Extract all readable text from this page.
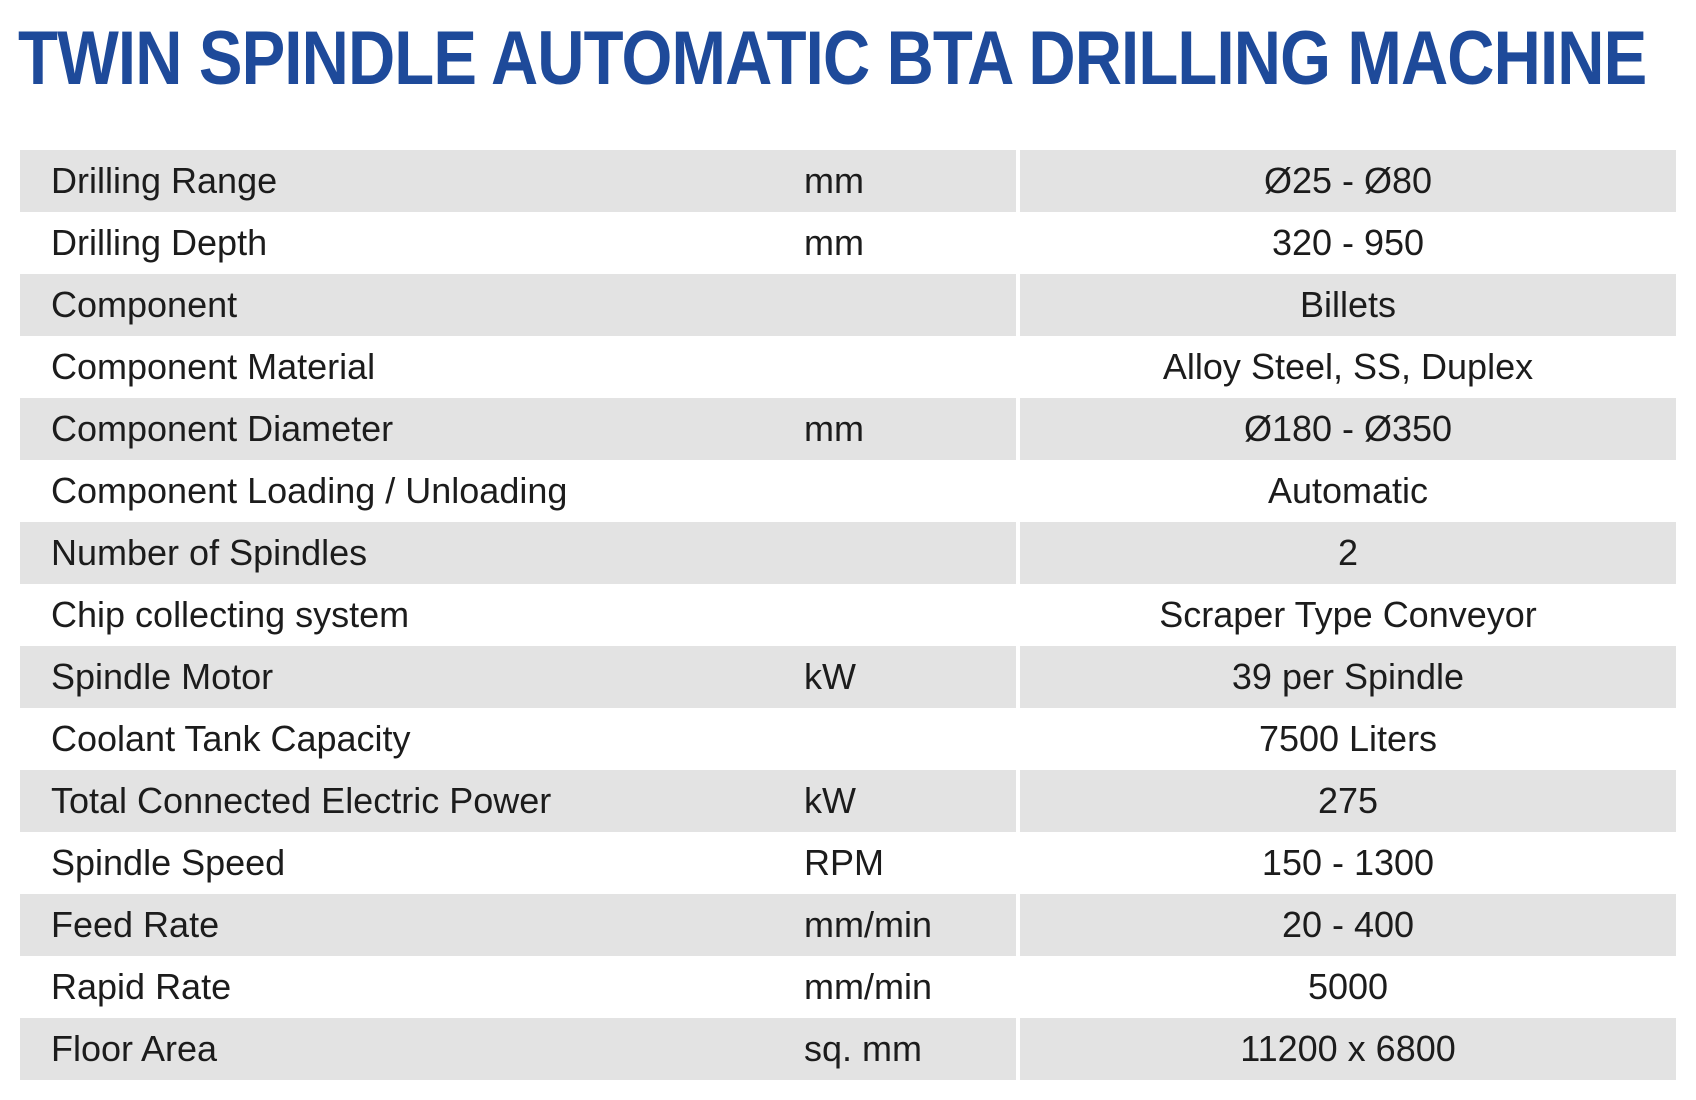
TWIN SPINDLE AUTOMATIC BTA DRILLING MACHINE
Drilling Range	mm	Ø25 - Ø80
Drilling Depth	mm	320 - 950
Component		Billets
Component Material		Alloy Steel, SS, Duplex
Component Diameter	mm	Ø180 - Ø350
Component Loading / Unloading		Automatic
Number of Spindles		2
Chip collecting system		Scraper Type Conveyor
Spindle Motor	kW	39 per Spindle
Coolant Tank Capacity		7500 Liters
Total Connected Electric Power	kW	275
Spindle Speed	RPM	150 - 1300
Feed Rate	mm/min	20 - 400
Rapid Rate	mm/min	5000
Floor Area	sq. mm	11200 x 6800
